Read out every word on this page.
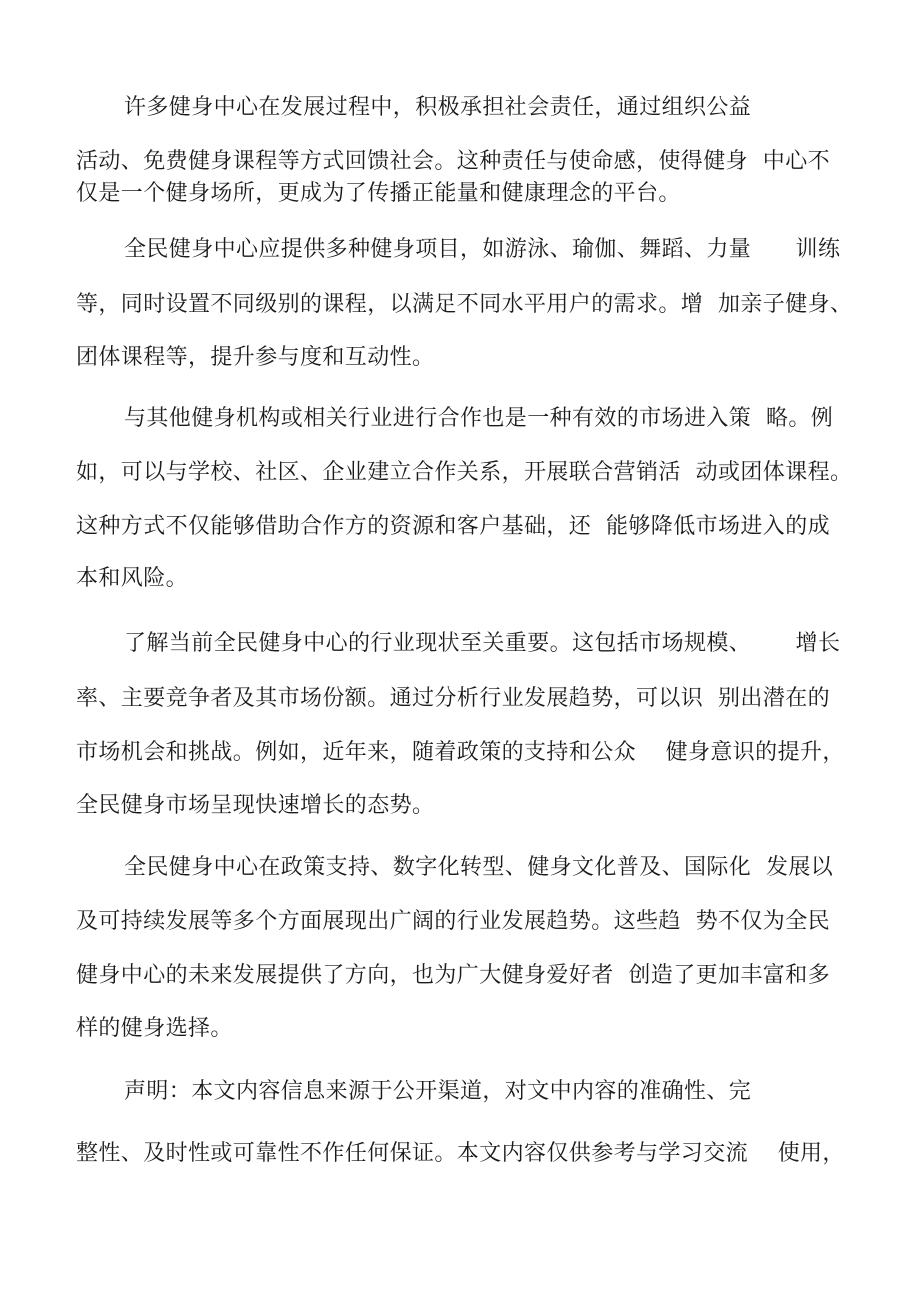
许多健身中心在发展过程中，积极承担社会责任，通过组织公益
活动、免费健身课程等方式回馈社会。这种责任与使命感，使得健身  中心不
仅是一个健身场所，更成为了传播正能量和健康理念的平台。
全民健身中心应提供多种健身项目，如游泳、瑜伽、舞蹈、力量      训练
等，同时设置不同级别的课程，以满足不同水平用户的需求。增  加亲子健身、
团体课程等，提升参与度和互动性。
与其他健身机构或相关行业进行合作也是一种有效的市场进入策  略。例
如，可以与学校、社区、企业建立合作关系，开展联合营销活  动或团体课程。
这种方式不仅能够借助合作方的资源和客户基础，还  能够降低市场进入的成
本和风险。
了解当前全民健身中心的行业现状至关重要。这包括市场规模、      增长
率、主要竞争者及其市场份额。通过分析行业发展趋势，可以识  别出潜在的
市场机会和挑战。例如，近年来，随着政策的支持和公众    健身意识的提升，
全民健身市场呈现快速增长的态势。
全民健身中心在政策支持、数字化转型、健身文化普及、国际化  发展以
及可持续发展等多个方面展现出广阔的行业发展趋势。这些趋  势不仅为全民
健身中心的未来发展提供了方向，也为广大健身爱好者  创造了更加丰富和多
样的健身选择。
声明：本文内容信息来源于公开渠道，对文中内容的准确性、完
整性、及时性或可靠性不作任何保证。本文内容仅供参考与学习交流    使用，
